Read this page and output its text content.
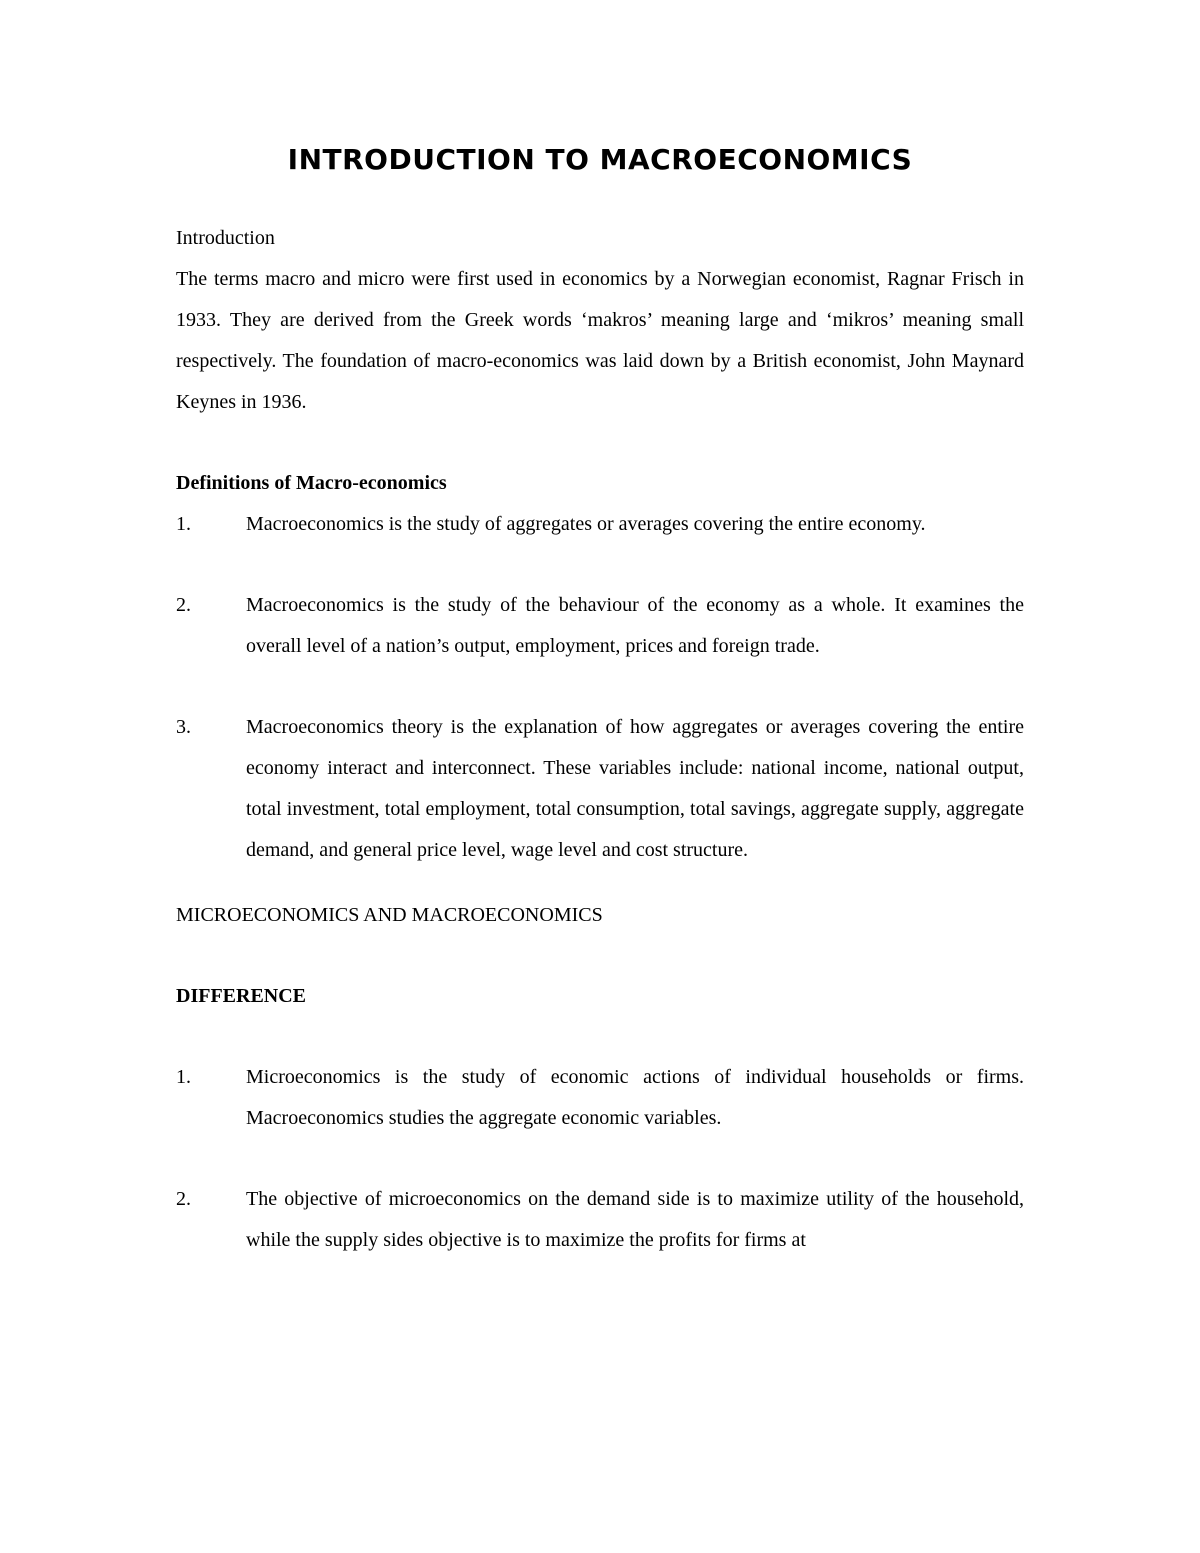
INTRODUCTION TO MACROECONOMICS
Introduction

The terms macro and micro were first used in economics by a Norwegian economist, Ragnar Frisch in 1933. They are derived from the Greek words ‘makros’ meaning large and ‘mikros’ meaning small respectively. The foundation of macro-economics was laid down by a British economist, John Maynard Keynes in 1936.

Definitions of Macro-economics
1.	Macroeconomics is the study of aggregates or averages covering the entire economy.
2.	Macroeconomics is the study of the behaviour of the economy as a whole. It examines the overall level of a nation’s output, employment, prices and foreign trade.
3.	Macroeconomics theory is the explanation of how aggregates or averages covering the entire economy interact and interconnect. These variables include: national income, national output, total investment, total employment, total consumption, total savings, aggregate supply, aggregate demand, and general price level, wage level and cost structure.
MICROECONOMICS AND MACROECONOMICS
DIFFERENCE
1.	Microeconomics is the study of economic actions of individual households or firms. Macroeconomics studies the aggregate economic variables.
2.	The objective of microeconomics on the demand side is to maximize utility of the household, while the supply sides objective is to maximize the profits for firms at
